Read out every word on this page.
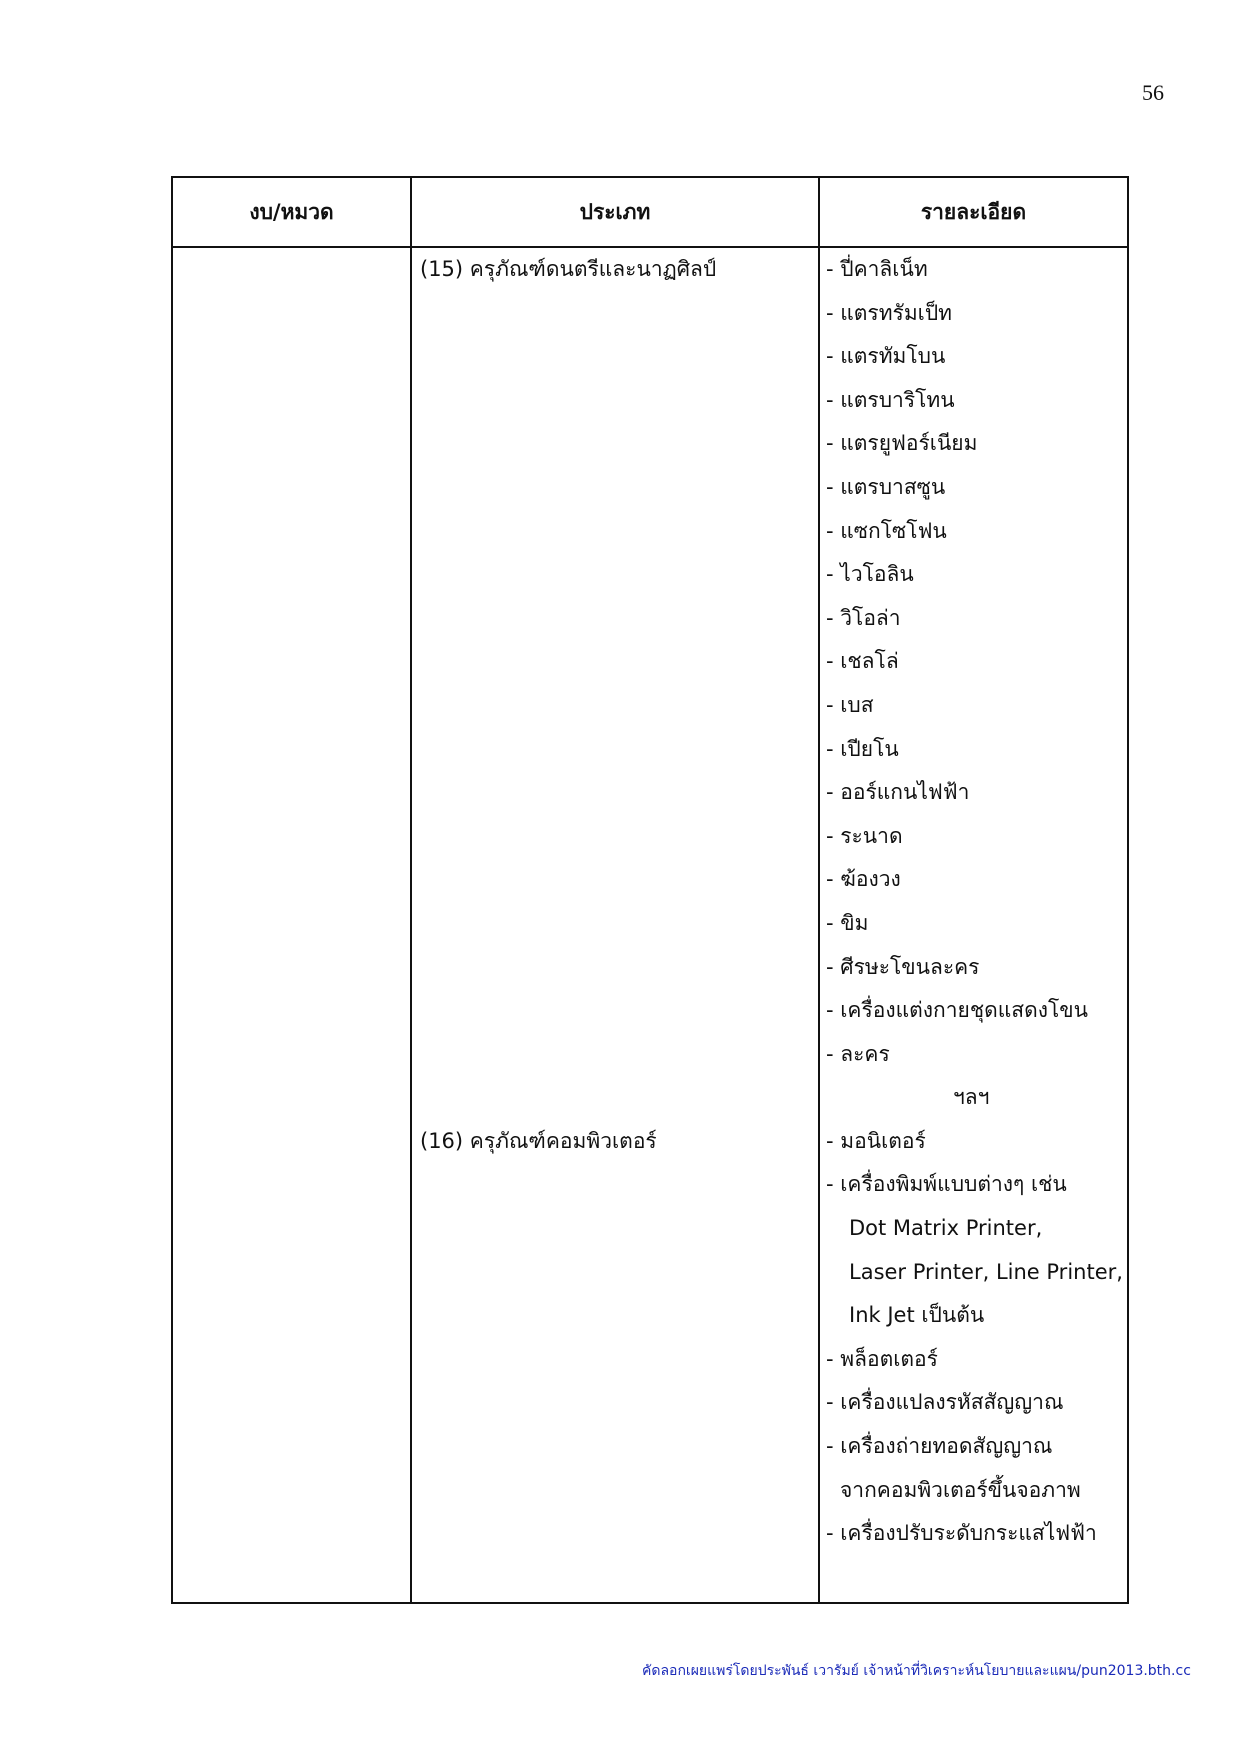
56
งบ/หมวด	ประเภท	รายละเอียด
(15) ครุภัณฑ์ดนตรีและนาฏศิลป์
(16) ครุภัณฑ์คอมพิวเตอร์
- ปี่คาลิเน็ท
- แตรทรัมเป็ท
- แตรทัมโบน
- แตรบาริโทน
- แตรยูฟอร์เนียม
- แตรบาสซูน
- แซกโซโฟน
- ไวโอลิน
- วิโอล่า
- เชลโล่
- เบส
- เปียโน
- ออร์แกนไฟฟ้า
- ระนาด
- ฆ้องวง
- ขิม
- ศีรษะโขนละคร
- เครื่องแต่งกายชุดแสดงโขน
- ละคร
ฯลฯ
- มอนิเตอร์
- เครื่องพิมพ์แบบต่างๆ เช่น
Dot Matrix Printer,
Laser Printer, Line Printer,
Ink Jet เป็นต้น
- พล็อตเตอร์
- เครื่องแปลงรหัสสัญญาณ
- เครื่องถ่ายทอดสัญญาณ
จากคอมพิวเตอร์ขึ้นจอภาพ
- เครื่องปรับระดับกระแสไฟฟ้า
คัดลอกเผยแพร่โดยประพันธ์ เวารัมย์ เจ้าหน้าที่วิเคราะห์นโยบายและแผน/pun2013.bth.cc
